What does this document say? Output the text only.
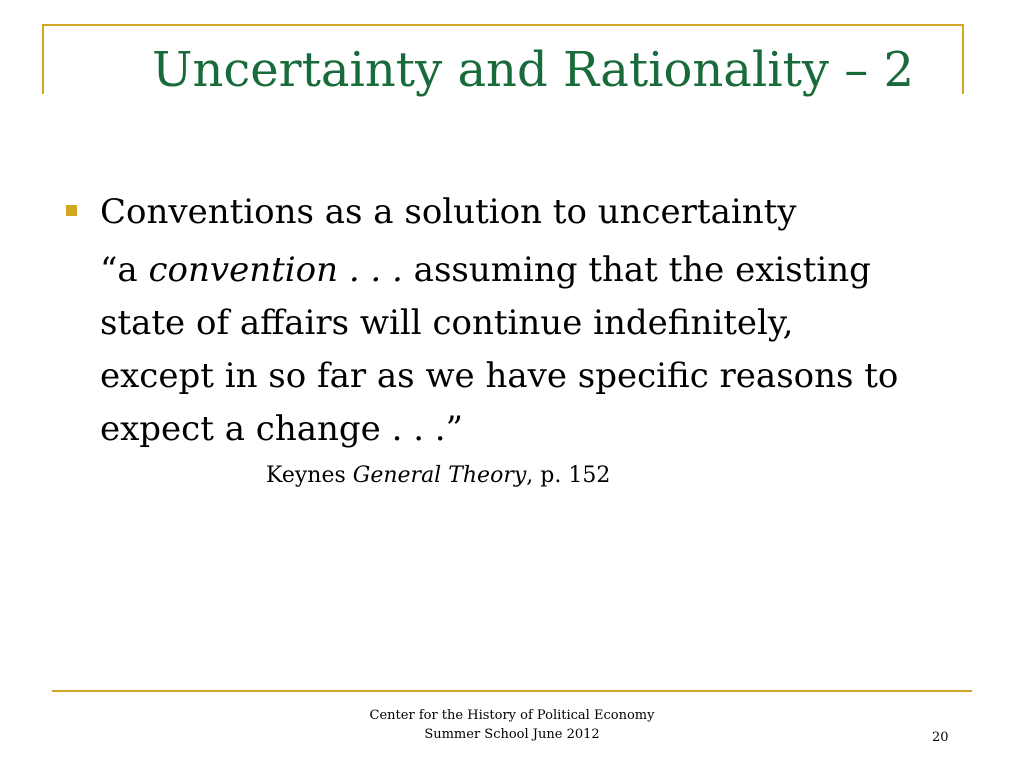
Uncertainty and Rationality – 2
Conventions as a solution to uncertainty
“a convention . . . assuming that the existing
state of affairs will continue indefinitely,
except in so far as we have specific reasons to
expect a change . . .”
Keynes General Theory, p. 152
Center for the History of Political Economy
Summer School June 2012	20
